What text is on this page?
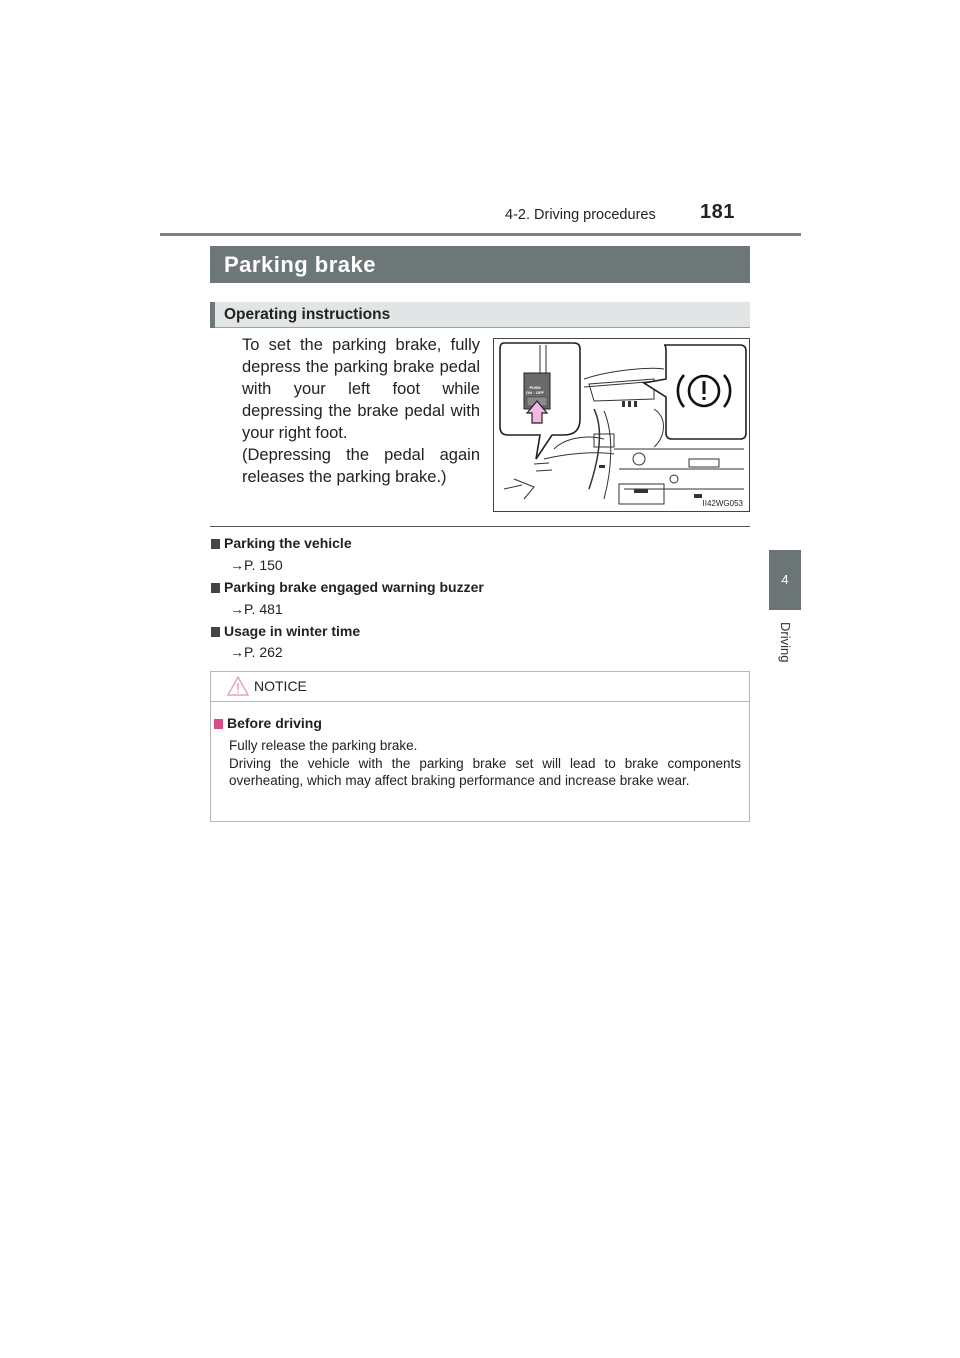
4-2. Driving procedures 181
4
Driving
Parking brake
Operating instructions

To set the parking brake, fully depress the parking brake pedal with your left foot while depressing the brake pedal with your right foot.

(Depressing the pedal again releases the parking brake.)

PUSH
ON⇔OFF
II42WG053
Parking the vehicle
→P. 150
Parking brake engaged warning buzzer
→P. 481
Usage in winter time
→P. 262
NOTICE
Before driving

Fully release the parking brake.

Driving the vehicle with the parking brake set will lead to brake components overheating, which may affect braking performance and increase brake wear.
